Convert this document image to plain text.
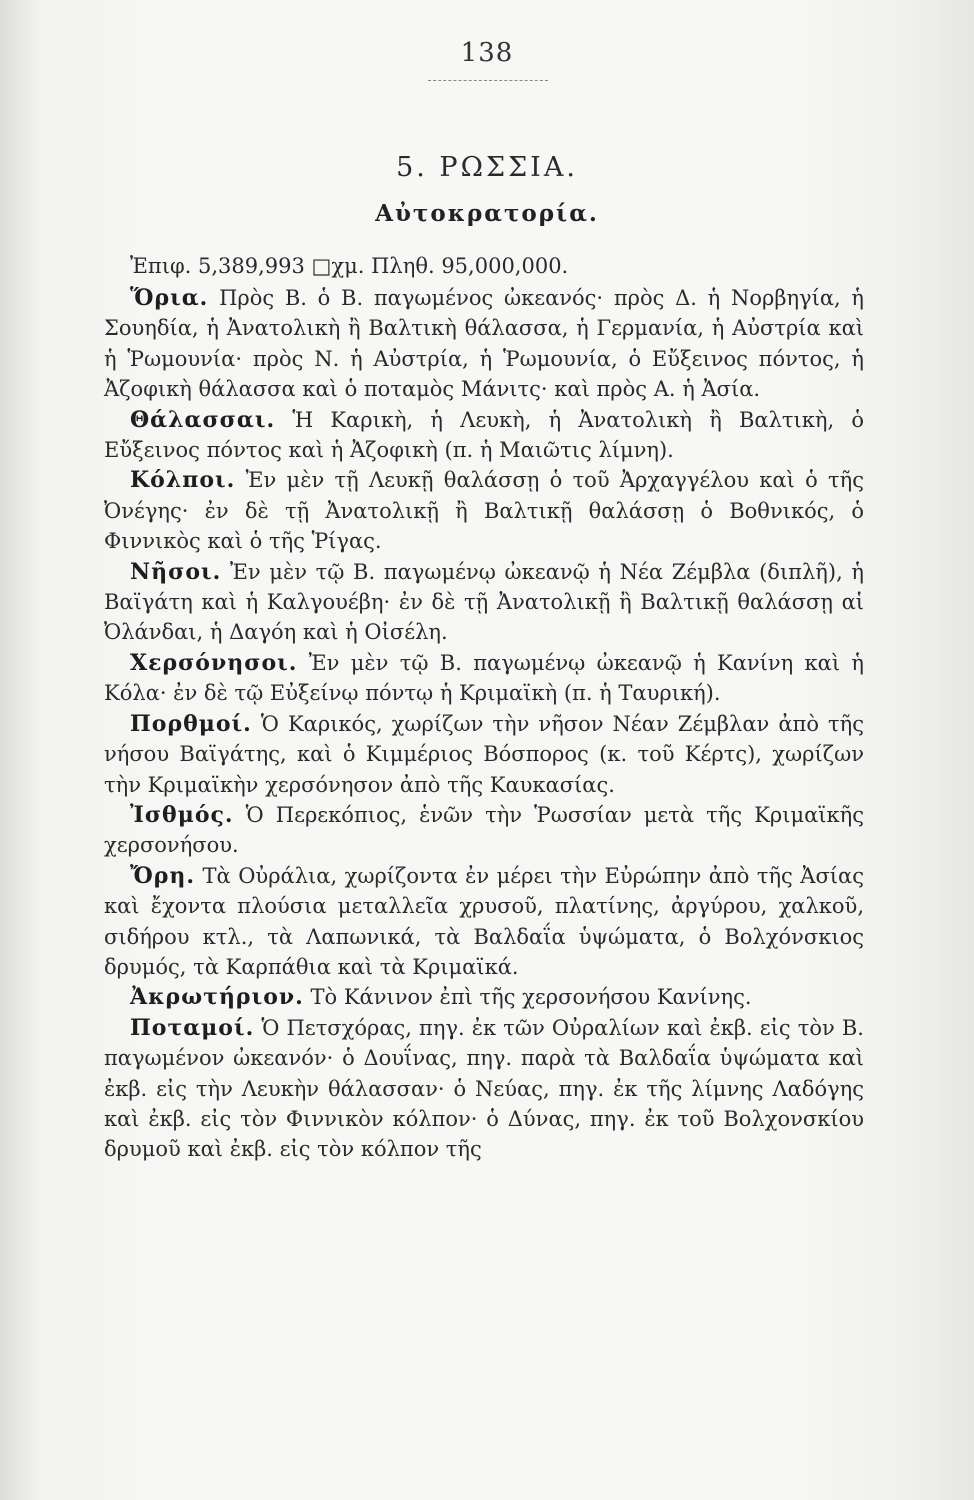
138
5. ΡΩΣΣΙΑ.
Αὐτοκρατορία.

Ἐπιφ. 5,389,993 □χμ. Πληθ. 95,000,000.

Ὅρια. Πρὸς Β. ὁ Β. παγωμένος ὠκεανός· πρὸς Δ. ἡ Νορβηγία, ἡ Σουηδία, ἡ Ἀνατολικὴ ἢ Βαλτικὴ θάλασσα, ἡ Γερμανία, ἡ Αὐστρία καὶ ἡ Ῥωμουνία· πρὸς Ν. ἡ Αὐστρία, ἡ Ῥωμουνία, ὁ Εὔξεινος πόντος, ἡ Ἀζοφικὴ θάλασσα καὶ ὁ ποταμὸς Μάνιτς· καὶ πρὸς Α. ἡ Ἀσία.

Θάλασσαι. Ἡ Καρικὴ, ἡ Λευκὴ, ἡ Ἀνατολικὴ ἢ Βαλτικὴ, ὁ Εὔξεινος πόντος καὶ ἡ Ἀζοφικὴ (π. ἡ Μαιῶτις λίμνη).

Κόλποι. Ἐν μὲν τῇ Λευκῇ θαλάσσῃ ὁ τοῦ Ἀρχαγγέλου καὶ ὁ τῆς Ὀνέγης· ἐν δὲ τῇ Ἀνατολικῇ ἢ Βαλτικῇ θαλάσσῃ ὁ Βοθνικός, ὁ Φιννικὸς καὶ ὁ τῆς Ῥίγας.

Νῆσοι. Ἐν μὲν τῷ Β. παγωμένῳ ὠκεανῷ ἡ Νέα Ζέμβλα (διπλῆ), ἡ Βαϊγάτη καὶ ἡ Καλγουέβη· ἐν δὲ τῇ Ἀνατολικῇ ἢ Βαλτικῇ θαλάσσῃ αἱ Ὀλάνδαι, ἡ Δαγόη καὶ ἡ Οἰσέλη.

Χερσόνησοι. Ἐν μὲν τῷ Β. παγωμένῳ ὠκεανῷ ἡ Κανίνη καὶ ἡ Κόλα· ἐν δὲ τῷ Εὐξείνῳ πόντῳ ἡ Κριμαϊκὴ (π. ἡ Ταυρική).

Πορθμοί. Ὁ Καρικός, χωρίζων τὴν νῆσον Νέαν Ζέμβλαν ἀπὸ τῆς νήσου Βαϊγάτης, καὶ ὁ Κιμμέριος Βόσπορος (κ. τοῦ Κέρτς), χωρίζων τὴν Κριμαϊκὴν χερσόνησον ἀπὸ τῆς Καυκασίας.

Ἰσθμός. Ὁ Περεκόπιος, ἑνῶν τὴν Ῥωσσίαν μετὰ τῆς Κριμαϊκῆς χερσονήσου.

Ὄρη. Τὰ Οὐράλια, χωρίζοντα ἐν μέρει τὴν Εὐρώπην ἀπὸ τῆς Ἀσίας καὶ ἔχοντα πλούσια μεταλλεῖα χρυσοῦ, πλατίνης, ἀργύρου, χαλκοῦ, σιδήρου κτλ., τὰ Λαπωνικά, τὰ Βαλδαΐα ὑψώματα, ὁ Βολχόνσκιος δρυμός, τὰ Καρπάθια καὶ τὰ Κριμαϊκά.

Ἀκρωτήριον. Τὸ Κάνινον ἐπὶ τῆς χερσονήσου Κανίνης.

Ποταμοί. Ὁ Πετσχόρας, πηγ. ἐκ τῶν Οὐραλίων καὶ ἐκβ. εἰς τὸν Β. παγωμένον ὠκεανόν· ὁ Δουΐνας, πηγ. παρὰ τὰ Βαλδαΐα ὑψώματα καὶ ἐκβ. εἰς τὴν Λευκὴν θάλασσαν· ὁ Νεύας, πηγ. ἐκ τῆς λίμνης Λαδόγης καὶ ἐκβ. εἰς τὸν Φιννικὸν κόλπον· ὁ Δύνας, πηγ. ἐκ τοῦ Βολχονσκίου δρυμοῦ καὶ ἐκβ. εἰς τὸν κόλπον τῆς
